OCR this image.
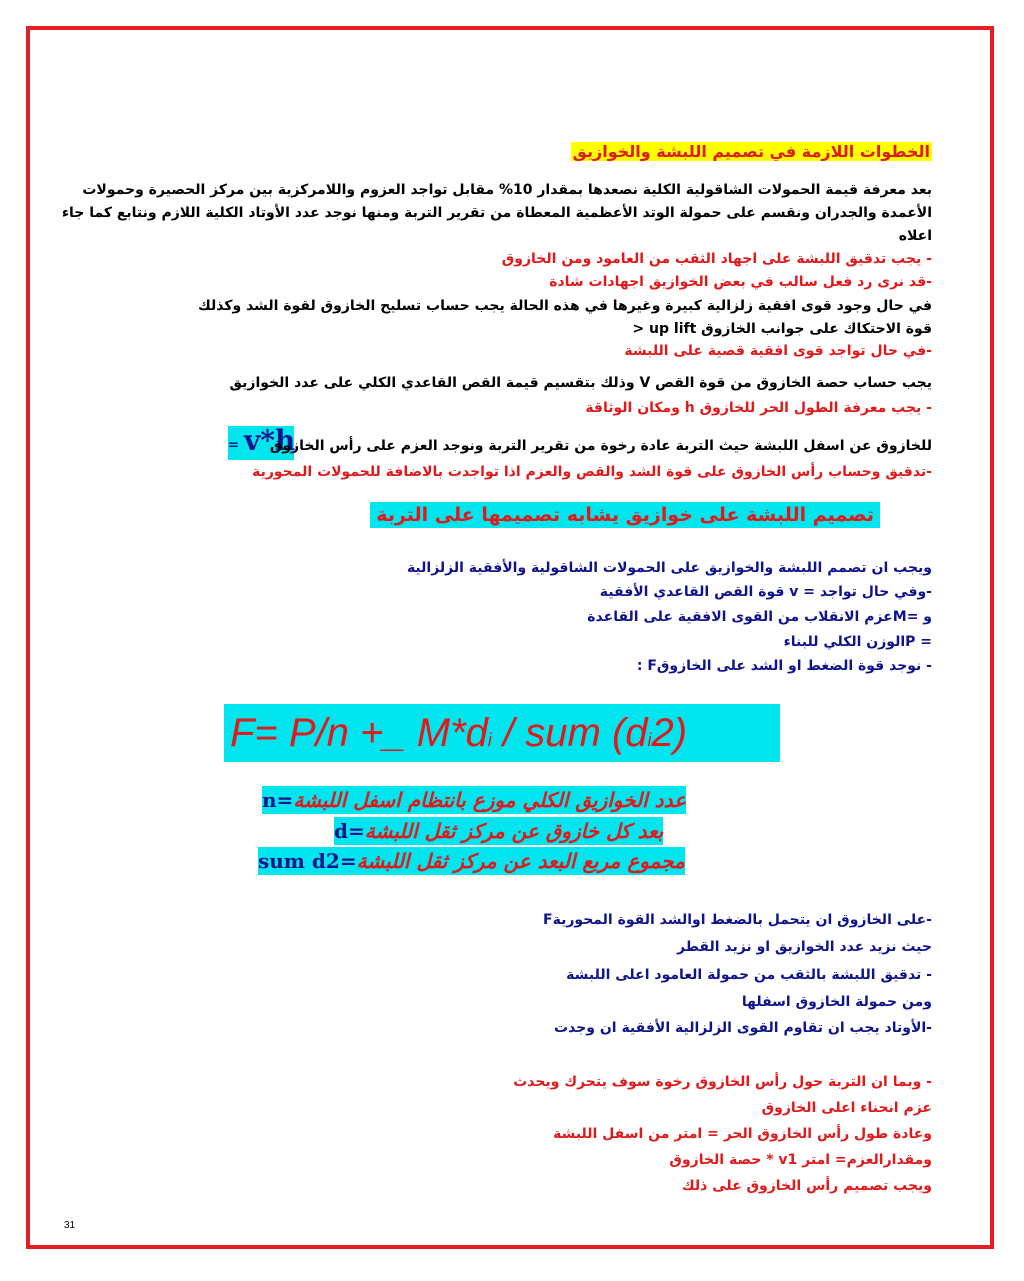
الخطوات اللازمة في تصميم اللبشة والخوازيق
بعد معرفة قيمة الحمولات الشاقولية الكلية نصعدها بمقدار 10% مقابل تواجد العزوم واللامركزية بين مركز الحصيرة وحمولات
الأعمدة والجدران ونقسم على حمولة الوتد الأعظمية المعطاة من تقرير التربة ومنها نوجد عدد الأوتاد الكلية اللازم ونتابع كما جاء
اعلاه
- يجب تدقيق اللبشة على اجهاد الثقب من العامود ومن الخازوق
-قد نرى رد فعل سالب في بعض الخوازيق اجهادات شادة
في حال وجود قوى افقية زلزالية كبيرة وغيرها في هذه الحالة يجب حساب تسليح الخازوق لقوة الشد وكذلك
قوة الاحتكاك على جوانب الخازوق up lift <
-في حال تواجد قوى افقية قصية على اللبشة
يجب حساب حصة الخازوق من قوة القص V وذلك بتقسيم قيمة القص القاعدي الكلي على عدد الخوازيق
- يجب معرفة الطول الحر للخازوق h ومكان الوثاقة
v*h
= للخازوق عن اسفل اللبشة حيث التربة عادة رخوة من تقرير التربة ونوجد العزم على رأس الخازوق
-تدقيق وحساب رأس الخازوق على قوة الشد والقص والعزم اذا تواجدت بالاضافة للحمولات المحورية
تصميم اللبشة على خوازيق يشابه تصميمها على التربة
ويجب ان تصمم اللبشة والخوازيق على الحمولات الشاقولية والأفقية الزلزالية
-وفي حال تواجد = v قوة القص القاعدي الأفقية
و =Mعزم الانقلاب من القوى الافقية على القاعدة
= Pالوزن الكلي للبناء
- نوجد قوة الضغط او الشد على الخازوقF :
F= P/n +_ M*di / sum (di2)
عدد الخوازيق الكلي موزع بانتظام اسفل اللبشة=n
بعد كل خازوق عن مركز ثقل اللبشة=d
مجموع مربع البعد عن مركز ثقل اللبشة=sum d2
-على الخازوق ان يتحمل بالضغط اوالشد القوة المحوريةF
حيث نزيد عدد الخوازيق او نزيد القطر
- تدقيق اللبشة بالثقب من حمولة العامود اعلى اللبشة
ومن حمولة الخازوق اسفلها
-الأوتاد يجب ان تقاوم القوى الزلزالية الأفقية ان وجدت
- وبما ان التربة حول رأس الخازوق رخوة سوف يتحرك ويحدث
عزم انحناء اعلى الخازوق
وعادة طول رأس الخازوق الحر = امتر من اسفل اللبشة
ومقدارالعزم= امتر v1 * حصة الخازوق
ويجب تصميم رأس الخازوق على ذلك
31
